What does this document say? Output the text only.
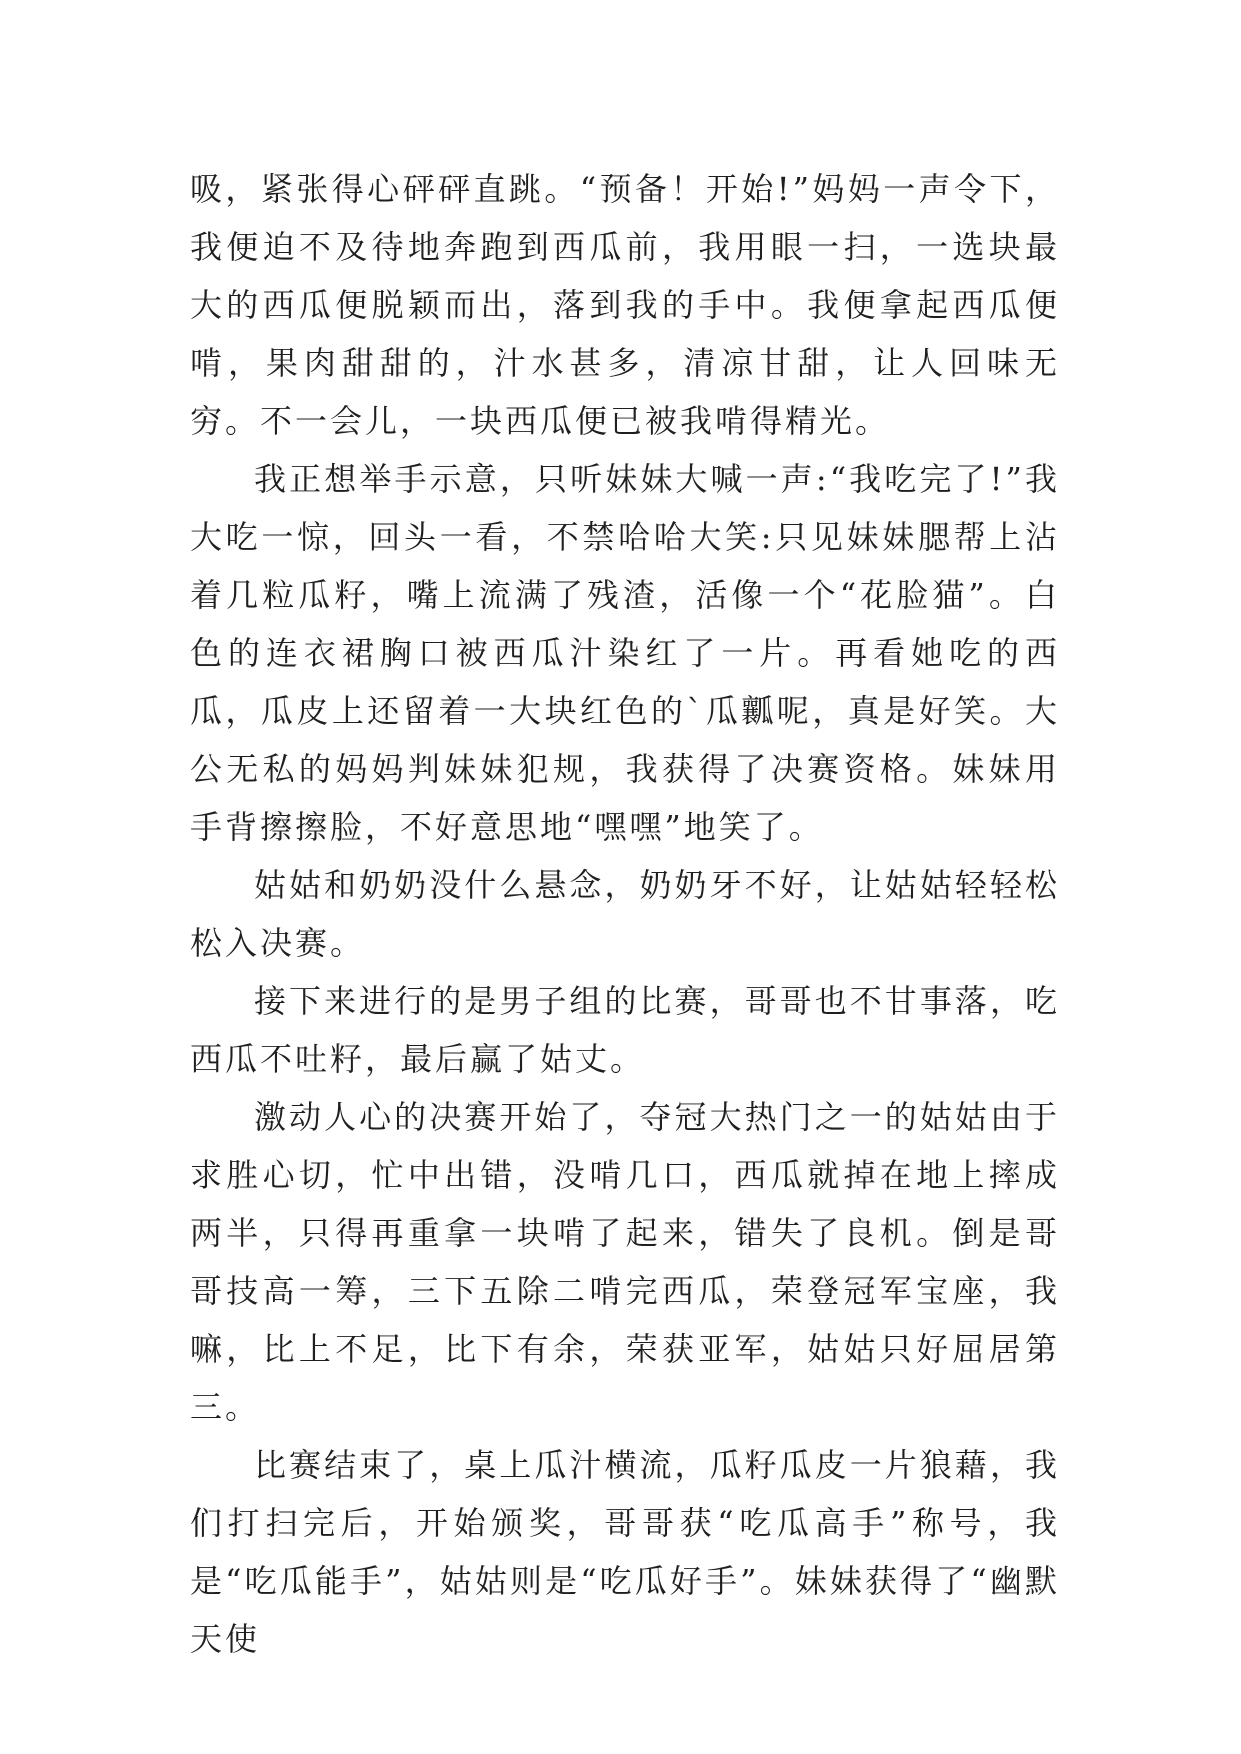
吸，紧张得心砰砰直跳。“预备！开始!”妈妈一声令下，我便迫不及待地奔跑到西瓜前，我用眼一扫，一选块最大的西瓜便脱颖而出，落到我的手中。我便拿起西瓜便啃，果肉甜甜的，汁水甚多，清凉甘甜，让人回味无穷。不一会儿，一块西瓜便已被我啃得精光。

我正想举手示意，只听妹妹大喊一声:“我吃完了!”我大吃一惊，回头一看，不禁哈哈大笑:只见妹妹腮帮上沾着几粒瓜籽，嘴上流满了残渣，活像一个“花脸猫”。白色的连衣裙胸口被西瓜汁染红了一片。再看她吃的西瓜，瓜皮上还留着一大块红色的`瓜瓤呢，真是好笑。大公无私的妈妈判妹妹犯规，我获得了决赛资格。妹妹用手背擦擦脸，不好意思地“嘿嘿”地笑了。

姑姑和奶奶没什么悬念，奶奶牙不好，让姑姑轻轻松松入决赛。

接下来进行的是男子组的比赛，哥哥也不甘事落，吃西瓜不吐籽，最后赢了姑丈。

激动人心的决赛开始了，夺冠大热门之一的姑姑由于求胜心切，忙中出错，没啃几口，西瓜就掉在地上摔成两半，只得再重拿一块啃了起来，错失了良机。倒是哥哥技高一筹，三下五除二啃完西瓜，荣登冠军宝座，我嘛，比上不足，比下有余，荣获亚军，姑姑只好屈居第三。

比赛结束了，桌上瓜汁横流，瓜籽瓜皮一片狼藉，我们打扫完后，开始颁奖，哥哥获“吃瓜高手”称号，我是“吃瓜能手”，姑姑则是“吃瓜好手”。妹妹获得了“幽默天使
